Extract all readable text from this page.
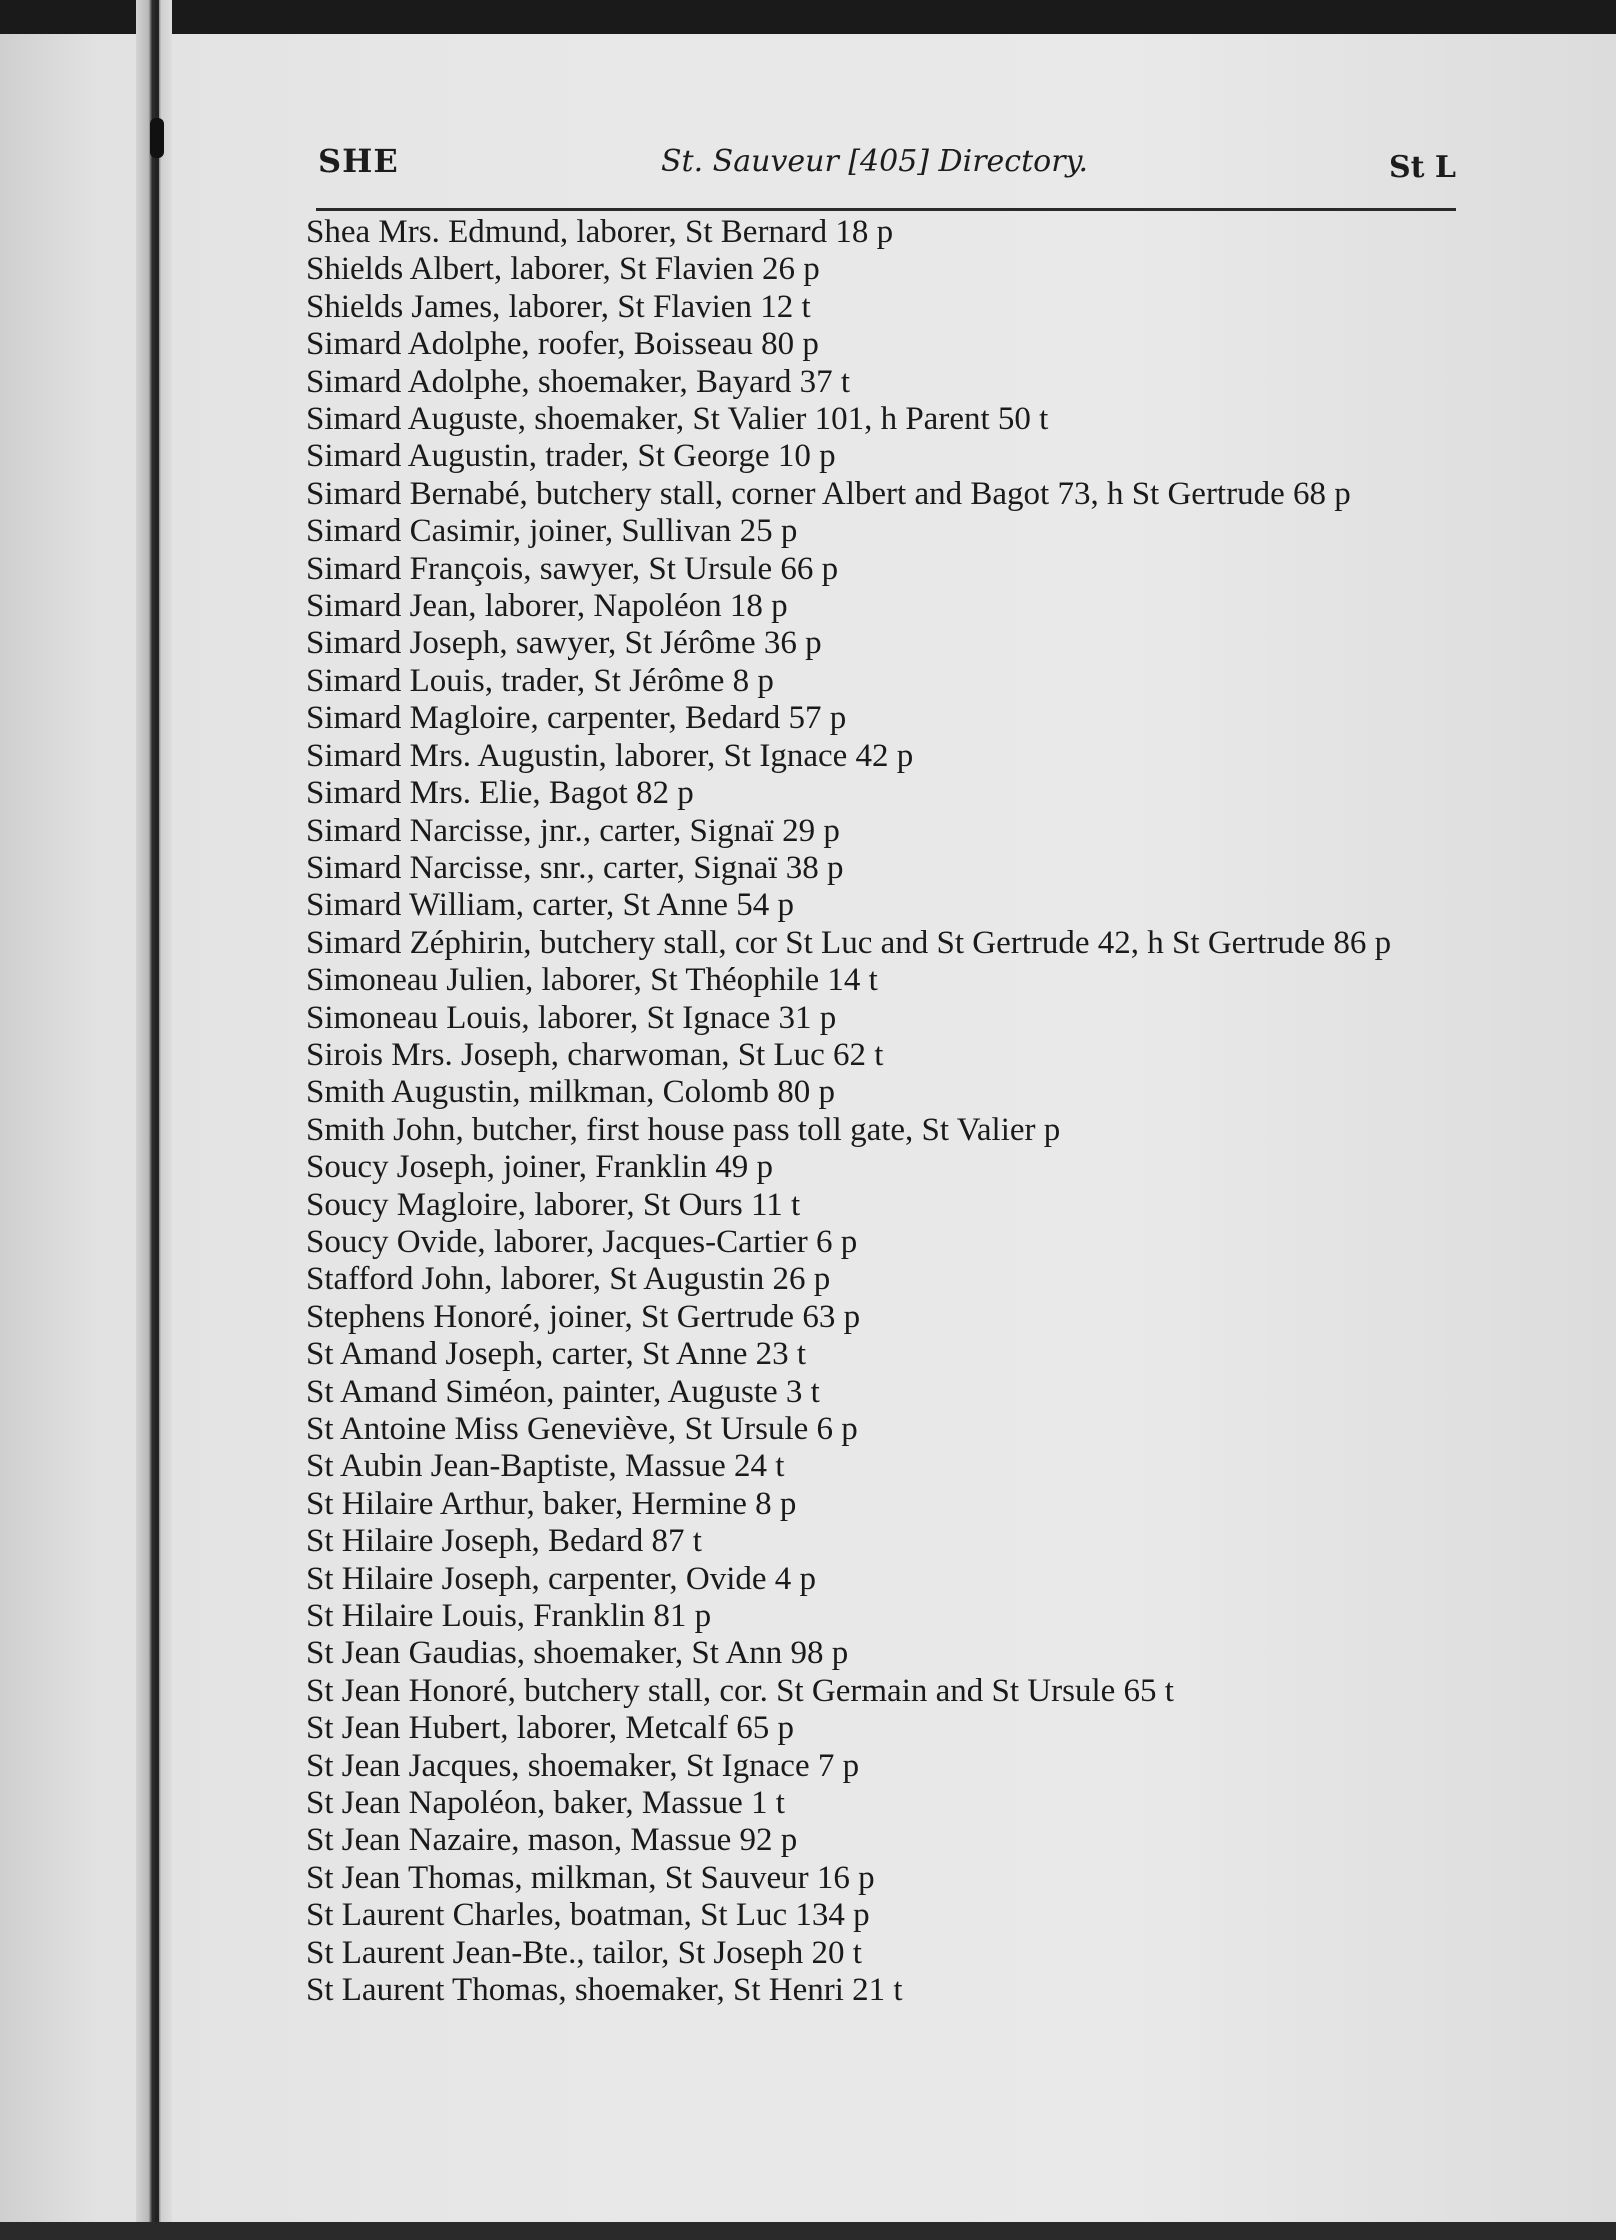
SHE	St. Sauveur [405] Directory.	St L
Shea Mrs. Edmund, laborer, St Bernard 18 p
Shields Albert, laborer, St Flavien 26 p
Shields James, laborer, St Flavien 12 t
Simard Adolphe, roofer, Boisseau 80 p
Simard Adolphe, shoemaker, Bayard 37 t
Simard Auguste, shoemaker, St Valier 101, h Parent 50 t
Simard Augustin, trader, St George 10 p
Simard Bernabé, butchery stall, corner Albert and Bagot 73, h St Gertrude 68 p
Simard Casimir, joiner, Sullivan 25 p
Simard François, sawyer, St Ursule 66 p
Simard Jean, laborer, Napoléon 18 p
Simard Joseph, sawyer, St Jérôme 36 p
Simard Louis, trader, St Jérôme 8 p
Simard Magloire, carpenter, Bedard 57 p
Simard Mrs. Augustin, laborer, St Ignace 42 p
Simard Mrs. Elie, Bagot 82 p
Simard Narcisse, jnr., carter, Signaï 29 p
Simard Narcisse, snr., carter, Signaï 38 p
Simard William, carter, St Anne 54 p
Simard Zéphirin, butchery stall, cor St Luc and St Gertrude 42, h St Gertrude 86 p
Simoneau Julien, laborer, St Théophile 14 t
Simoneau Louis, laborer, St Ignace 31 p
Sirois Mrs. Joseph, charwoman, St Luc 62 t
Smith Augustin, milkman, Colomb 80 p
Smith John, butcher, first house pass toll gate, St Valier p
Soucy Joseph, joiner, Franklin 49 p
Soucy Magloire, laborer, St Ours 11 t
Soucy Ovide, laborer, Jacques-Cartier 6 p
Stafford John, laborer, St Augustin 26 p
Stephens Honoré, joiner, St Gertrude 63 p
St Amand Joseph, carter, St Anne 23 t
St Amand Siméon, painter, Auguste 3 t
St Antoine Miss Geneviève, St Ursule 6 p
St Aubin Jean-Baptiste, Massue 24 t
St Hilaire Arthur, baker, Hermine 8 p
St Hilaire Joseph, Bedard 87 t
St Hilaire Joseph, carpenter, Ovide 4 p
St Hilaire Louis, Franklin 81 p
St Jean Gaudias, shoemaker, St Ann 98 p
St Jean Honoré, butchery stall, cor. St Germain and St Ursule 65 t
St Jean Hubert, laborer, Metcalf 65 p
St Jean Jacques, shoemaker, St Ignace 7 p
St Jean Napoléon, baker, Massue 1 t
St Jean Nazaire, mason, Massue 92 p
St Jean Thomas, milkman, St Sauveur 16 p
St Laurent Charles, boatman, St Luc 134 p
St Laurent Jean-Bte., tailor, St Joseph 20 t
St Laurent Thomas, shoemaker, St Henri 21 t
